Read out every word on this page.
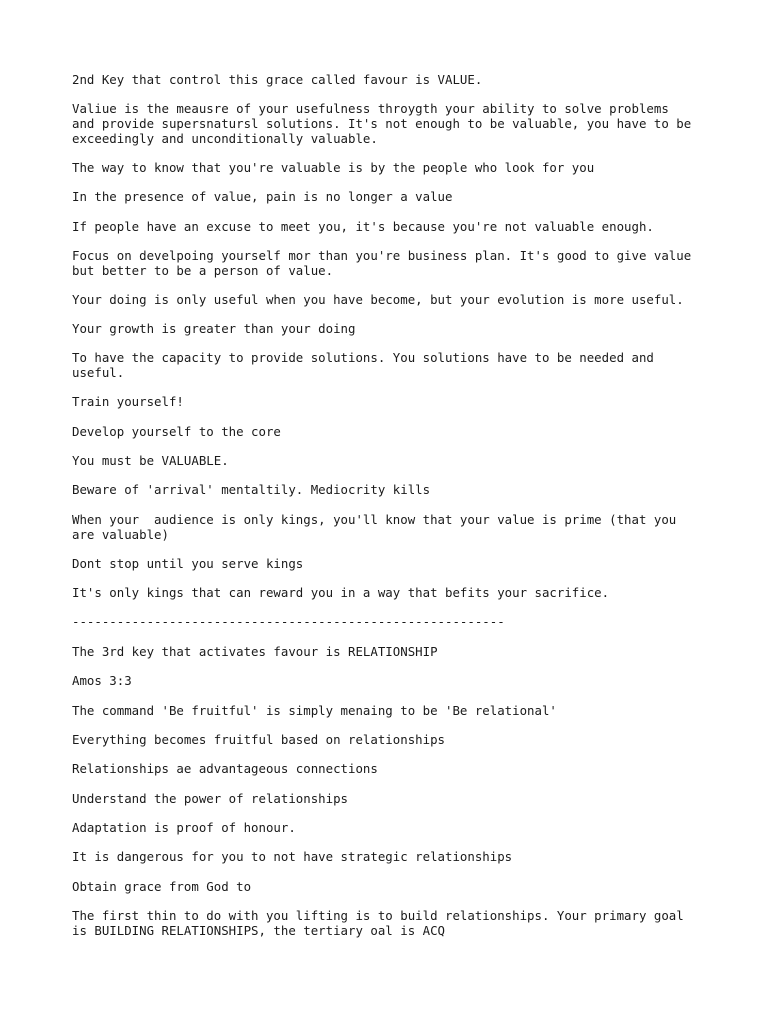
2nd Key that control this grace called favour is VALUE.

Valiue is the meausre of your usefulness throygth your ability to solve problems
and provide supersnatursl solutions. It's not enough to be valuable, you have to be
exceedingly and unconditionally valuable.

The way to know that you're valuable is by the people who look for you

In the presence of value, pain is no longer a value

If people have an excuse to meet you, it's because you're not valuable enough.

Focus on develpoing yourself mor than you're business plan. It's good to give value
but better to be a person of value.

Your doing is only useful when you have become, but your evolution is more useful.

Your growth is greater than your doing

To have the capacity to provide solutions. You solutions have to be needed and
useful.

Train yourself!

Develop yourself to the core

You must be VALUABLE.

Beware of 'arrival' mentaltily. Mediocrity kills

When your  audience is only kings, you'll know that your value is prime (that you
are valuable)

Dont stop until you serve kings

It's only kings that can reward you in a way that befits your sacrifice.

----------------------------------------------------------

The 3rd key that activates favour is RELATIONSHIP

Amos 3:3

The command 'Be fruitful' is simply menaing to be 'Be relational'

Everything becomes fruitful based on relationships

Relationships ae advantageous connections

Understand the power of relationships

Adaptation is proof of honour.

It is dangerous for you to not have strategic relationships

Obtain grace from God to

The first thin to do with you lifting is to build relationships. Your primary goal
is BUILDING RELATIONSHIPS, the tertiary oal is ACQ
